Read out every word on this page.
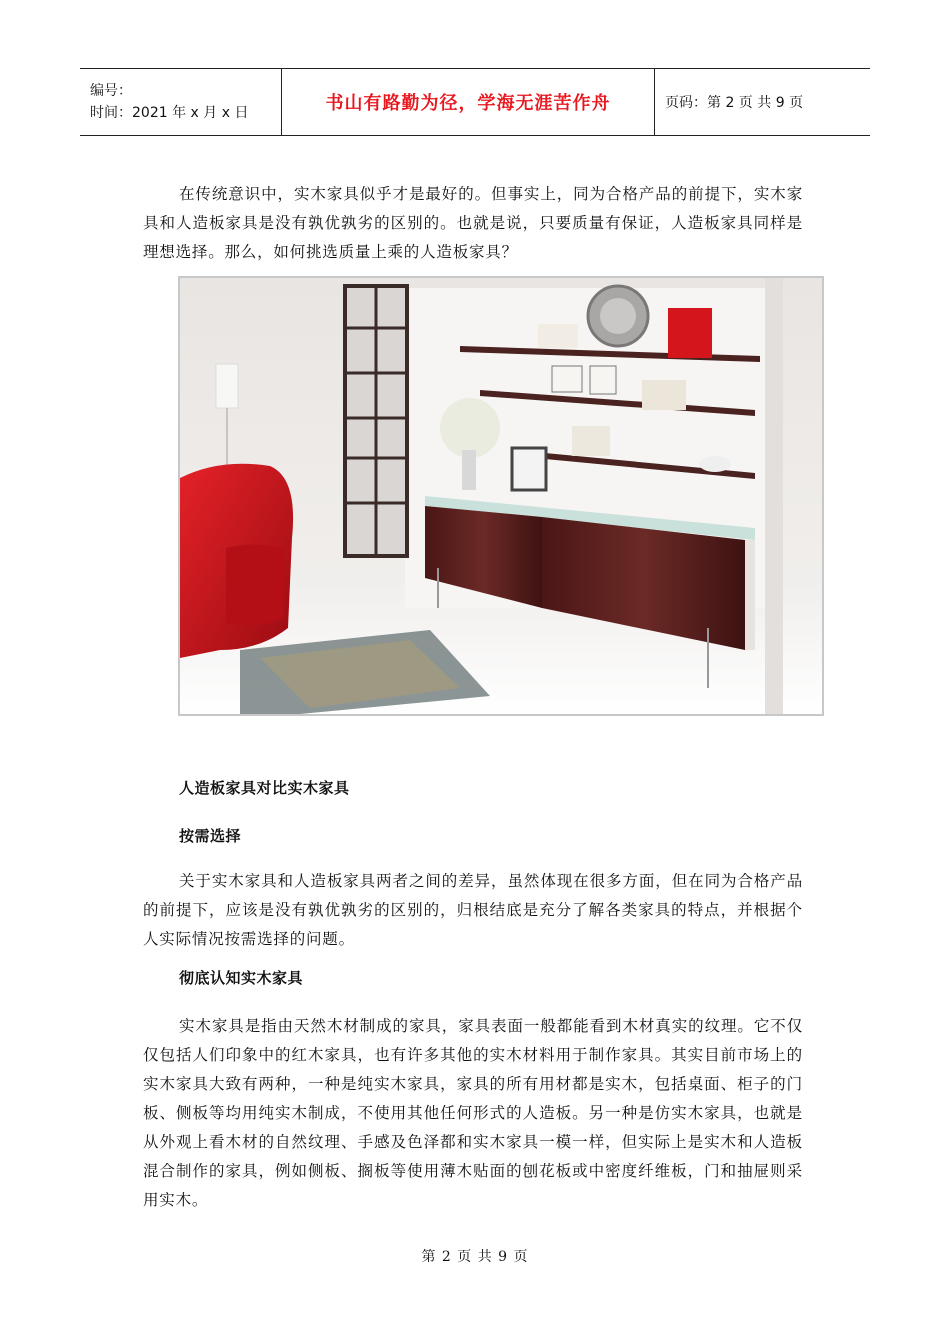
编号：
时间：2021 年 x 月 x 日	书山有路勤为径，学海无涯苦作舟	页码：第 2 页 共 9 页

在传统意识中，实木家具似乎才是最好的。但事实上，同为合格产品的前提下，实木家具和人造板家具是没有孰优孰劣的区别的。也就是说，只要质量有保证，人造板家具同样是理想选择。那么，如何挑选质量上乘的人造板家具？

人造板家具对比实木家具
按需选择

关于实木家具和人造板家具两者之间的差异，虽然体现在很多方面，但在同为合格产品的前提下，应该是没有孰优孰劣的区别的，归根结底是充分了解各类家具的特点，并根据个人实际情况按需选择的问题。

彻底认知实木家具

实木家具是指由天然木材制成的家具，家具表面一般都能看到木材真实的纹理。它不仅仅包括人们印象中的红木家具，也有许多其他的实木材料用于制作家具。其实目前市场上的实木家具大致有两种，一种是纯实木家具，家具的所有用材都是实木，包括桌面、柜子的门板、侧板等均用纯实木制成，不使用其他任何形式的人造板。另一种是仿实木家具，也就是从外观上看木材的自然纹理、手感及色泽都和实木家具一模一样，但实际上是实木和人造板混合制作的家具，例如侧板、搁板等使用薄木贴面的刨花板或中密度纤维板，门和抽屉则采用实木。

第 2 页 共 9 页
